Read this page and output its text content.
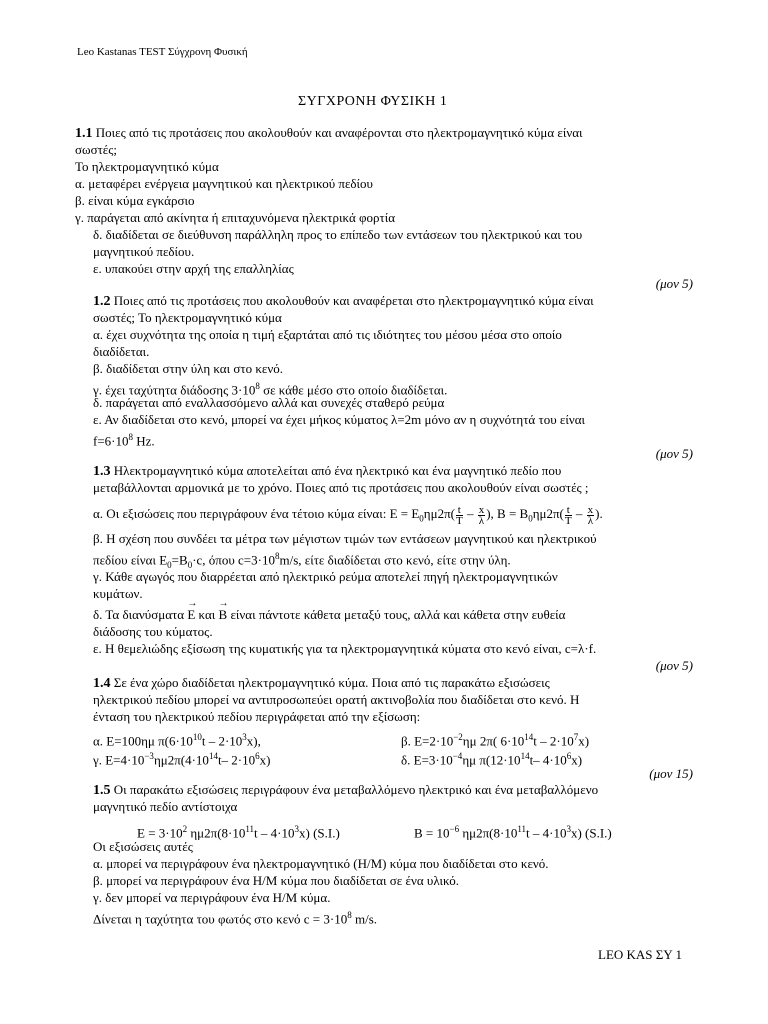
Leo Kastanas TEST Σύγχρονη Φυσική
ΣΥΓΧΡΟΝΗ ΦΥΣΙΚΗ 1
1.1 Ποιες από τις προτάσεις που ακολουθούν και αναφέρονται στο ηλεκτρομαγνητικό κύμα είναι
σωστές;
Το ηλεκτρομαγνητικό κύμα
α. μεταφέρει ενέργεια μαγνητικού και ηλεκτρικού πεδίου
β. είναι κύμα εγκάρσιο
γ. παράγεται από ακίνητα ή επιταχυνόμενα ηλεκτρικά φορτία
δ. διαδίδεται σε διεύθυνση παράλληλη προς το επίπεδο των εντάσεων του ηλεκτρικού και του
μαγνητικού πεδίου.
ε. υπακούει στην αρχή της επαλληλίας
(μον 5)
1.2 Ποιες από τις προτάσεις που ακολουθούν και αναφέρεται στο ηλεκτρομαγνητικό κύμα είναι
σωστές; Το ηλεκτρομαγνητικό κύμα
α. έχει συχνότητα της οποία η τιμή εξαρτάται από τις ιδιότητες του μέσου μέσα στο οποίο
διαδίδεται.
β. διαδίδεται στην ύλη και στο κενό.
γ. έχει ταχύτητα διάδοσης $3\cdot 10^8$ σε κάθε μέσο στο οποίο διαδίδεται.
δ. παράγεται από εναλλασσόμενο αλλά και συνεχές σταθερό ρεύμα
ε. Αν διαδίδεται στο κενό, μπορεί να έχει μήκος κύματος λ=2m μόνο αν η συχνότητά του είναι
$f=6\cdot 10^8$ Hz.
(μον 5)
1.3 Ηλεκτρομαγνητικό κύμα αποτελείται από ένα ηλεκτρικό και ένα μαγνητικό πεδίο που
μεταβάλλονται αρμονικά με το χρόνο. Ποιες από τις προτάσεις που ακολουθούν είναι σωστές ;
α. Οι εξισώσεις που περιγράφουν ένα τέτοιο κύμα είναι: $E = E_0\eta\mu 2\pi( \frac{t}{T} - \frac{x}{\lambda}$ ), $B = B_0\eta\mu 2\pi( \frac{t}{T} - \frac{x}{\lambda}$ ).
β. Η σχέση που συνδέει τα μέτρα των μέγιστων τιμών των εντάσεων μαγνητικού και ηλεκτρικού
πεδίου είναι $E_0=B_0\cdot c$, όπου $c=3\cdot 10^8m/s$, είτε διαδίδεται στο κενό, είτε στην ύλη.
γ. Κάθε αγωγός που διαρρέεται από ηλεκτρικό ρεύμα αποτελεί πηγή ηλεκτρομαγνητικών
κυμάτων.
δ. Τα διανύσματα → E και → B είναι πάντοτε κάθετα μεταξύ τους, αλλά και κάθετα στην ευθεία
διάδοσης του κύματος.
ε. Η θεμελιώδης εξίσωση της κυματικής για τα ηλεκτρομαγνητικά κύματα στο κενό είναι, c=λ·f.
(μον 5)
1.4 Σε ένα χώρο διαδίδεται ηλεκτρομαγνητικό κύμα. Ποια από τις παρακάτω εξισώσεις
ηλεκτρικού πεδίου μπορεί να αντιπροσωπεύει ορατή ακτινοβολία που διαδίδεται στο κενό. Η
ένταση του ηλεκτρικού πεδίου περιγράφεται από την εξίσωση:
α. E=100ημ $\pi(6\cdot 10^{10}t - 2\cdot 10^3x)$,	β. $E=2\cdot 10^{-2}\eta\mu$ 2π( $6\cdot 10^{14}t - 2\cdot 10^7x$)
γ. $E=4\cdot 10^{-3}\eta\mu 2\pi(4\cdot 10^{14}t-$ $2\cdot 10^6x$)	δ. $E=3\cdot 10^{-4}\eta\mu$ $\pi(12\cdot 10^{14}t-$ $4\cdot 10^6x$)
(μον 15)
1.5 Οι παρακάτω εξισώσεις περιγράφουν ένα μεταβαλλόμενο ηλεκτρικό και ένα μεταβαλλόμενο
μαγνητικό πεδίο αντίστοιχα
$E = 3\cdot 10^2$ $\eta\mu 2\pi(8\cdot 10^{11}t - 4\cdot 10^3x)$ (S.I.)	$B = 10^{-6}$ $\eta\mu 2\pi(8\cdot 10^{11}t - 4\cdot 10^3x)$ (S.I.)
Οι εξισώσεις αυτές
α. μπορεί να περιγράφουν ένα ηλεκτρομαγνητικό (Η/Μ) κύμα που διαδίδεται στο κενό.
β. μπορεί να περιγράφουν ένα Η/Μ κύμα που διαδίδεται σε ένα υλικό.
γ. δεν μπορεί να περιγράφουν ένα Η/Μ κύμα.
Δίνεται η ταχύτητα του φωτός στο κενό $c = 3\cdot 10^8$ m/s.
LEO KAS ΣΥ 1
